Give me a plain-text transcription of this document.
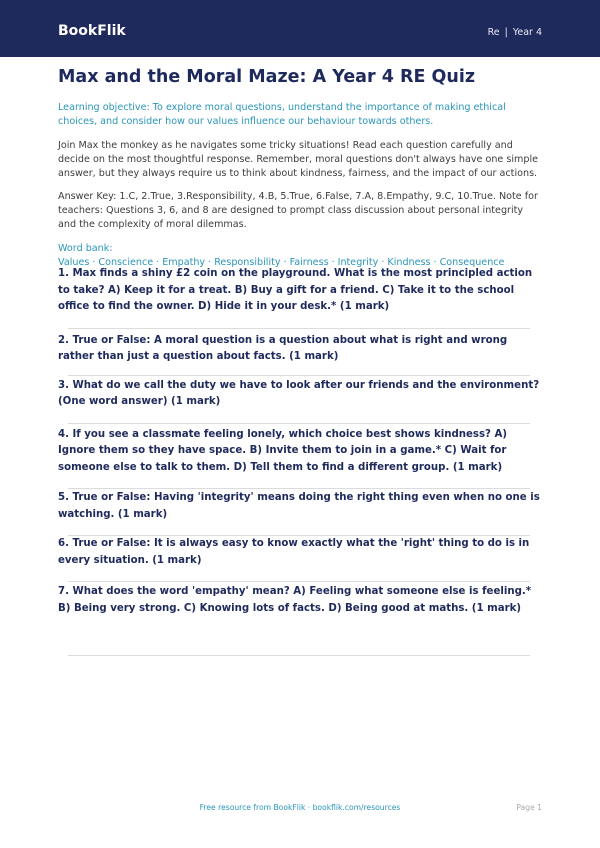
BookFlik	Re | Year 4
Max and the Moral Maze: A Year 4 RE Quiz

Learning objective: To explore moral questions, understand the importance of making ethical choices, and consider how our values influence our behaviour towards others.

Join Max the monkey as he navigates some tricky situations! Read each question carefully and decide on the most thoughtful response. Remember, moral questions don't always have one simple answer, but they always require us to think about kindness, fairness, and the impact of our actions.

Answer Key: 1.C, 2.True, 3.Responsibility, 4.B, 5.True, 6.False, 7.A, 8.Empathy, 9.C, 10.True. Note for teachers: Questions 3, 6, and 8 are designed to prompt class discussion about personal integrity and the complexity of moral dilemmas.

Word bank: Values · Conscience · Empathy · Responsibility · Fairness · Integrity · Kindness · Consequence

1. Max finds a shiny £2 coin on the playground. What is the most principled action to take? A) Keep it for a treat. B) Buy a gift for a friend. C) Take it to the school office to find the owner. D) Hide it in your desk.* (1 mark)
2. True or False: A moral question is a question about what is right and wrong rather than just a question about facts. (1 mark)
3. What do we call the duty we have to look after our friends and the environment? (One word answer) (1 mark)
4. If you see a classmate feeling lonely, which choice best shows kindness? A) Ignore them so they have space. B) Invite them to join in a game.* C) Wait for someone else to talk to them. D) Tell them to find a different group. (1 mark)
5. True or False: Having 'integrity' means doing the right thing even when no one is watching. (1 mark)
6. True or False: It is always easy to know exactly what the 'right' thing to do is in every situation. (1 mark)
7. What does the word 'empathy' mean? A) Feeling what someone else is feeling.* B) Being very strong. C) Knowing lots of facts. D) Being good at maths. (1 mark)
Free resource from BookFlik · bookflik.com/resources	Page 1
